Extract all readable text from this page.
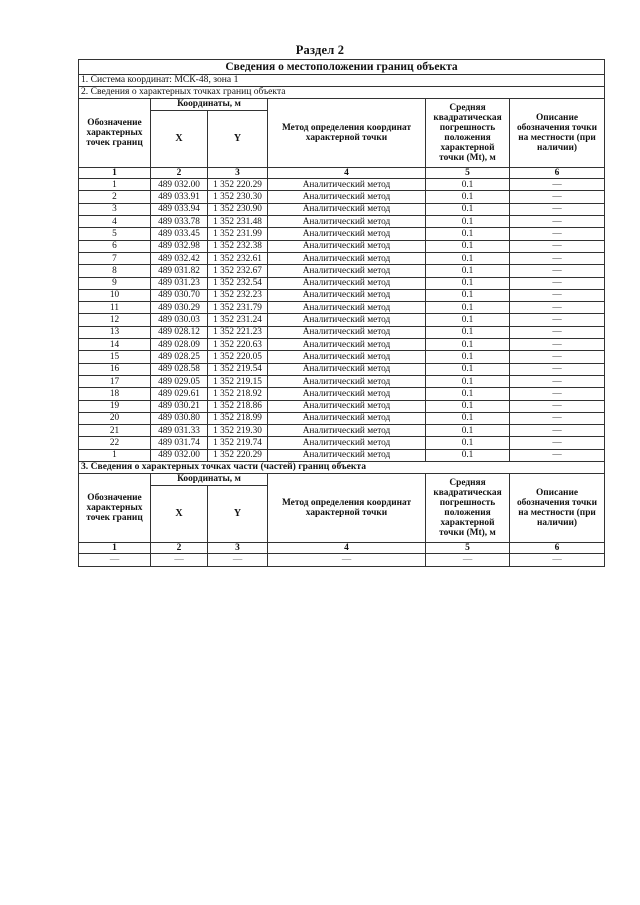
Раздел 2
Сведения о местоположении границ объекта					
1. Система координат: МСК-48, зона 1					
2. Сведения о характерных точках границ объекта					
Обозначение характерных точек границ	Координаты, м		Метод определения координат характерной точки	Средняя квадратическая погрешность положения характерной точки (Mt), м	Описание обозначения точки на местности (при наличии)
	X	Y			
1	2	3	4	5	6
1	489 032.00	1 352 220.29	Аналитический метод	0.1	—
2	489 033.91	1 352 230.30	Аналитический метод	0.1	—
3	489 033.94	1 352 230.90	Аналитический метод	0.1	—
4	489 033.78	1 352 231.48	Аналитический метод	0.1	—
5	489 033.45	1 352 231.99	Аналитический метод	0.1	—
6	489 032.98	1 352 232.38	Аналитический метод	0.1	—
7	489 032.42	1 352 232.61	Аналитический метод	0.1	—
8	489 031.82	1 352 232.67	Аналитический метод	0.1	—
9	489 031.23	1 352 232.54	Аналитический метод	0.1	—
10	489 030.70	1 352 232.23	Аналитический метод	0.1	—
11	489 030.29	1 352 231.79	Аналитический метод	0.1	—
12	489 030.03	1 352 231.24	Аналитический метод	0.1	—
13	489 028.12	1 352 221.23	Аналитический метод	0.1	—
14	489 028.09	1 352 220.63	Аналитический метод	0.1	—
15	489 028.25	1 352 220.05	Аналитический метод	0.1	—
16	489 028.58	1 352 219.54	Аналитический метод	0.1	—
17	489 029.05	1 352 219.15	Аналитический метод	0.1	—
18	489 029.61	1 352 218.92	Аналитический метод	0.1	—
19	489 030.21	1 352 218.86	Аналитический метод	0.1	—
20	489 030.80	1 352 218.99	Аналитический метод	0.1	—
21	489 031.33	1 352 219.30	Аналитический метод	0.1	—
22	489 031.74	1 352 219.74	Аналитический метод	0.1	—
1	489 032.00	1 352 220.29	Аналитический метод	0.1	—
3. Сведения о характерных точках части (частей) границ объекта					
Обозначение характерных точек границ	Координаты, м		Метод определения координат характерной точки	Средняя квадратическая погрешность положения характерной точки (Mt), м	Описание обозначения точки на местности (при наличии)
	X	Y			
1	2	3	4	5	6
—	—	—	—	—	—
